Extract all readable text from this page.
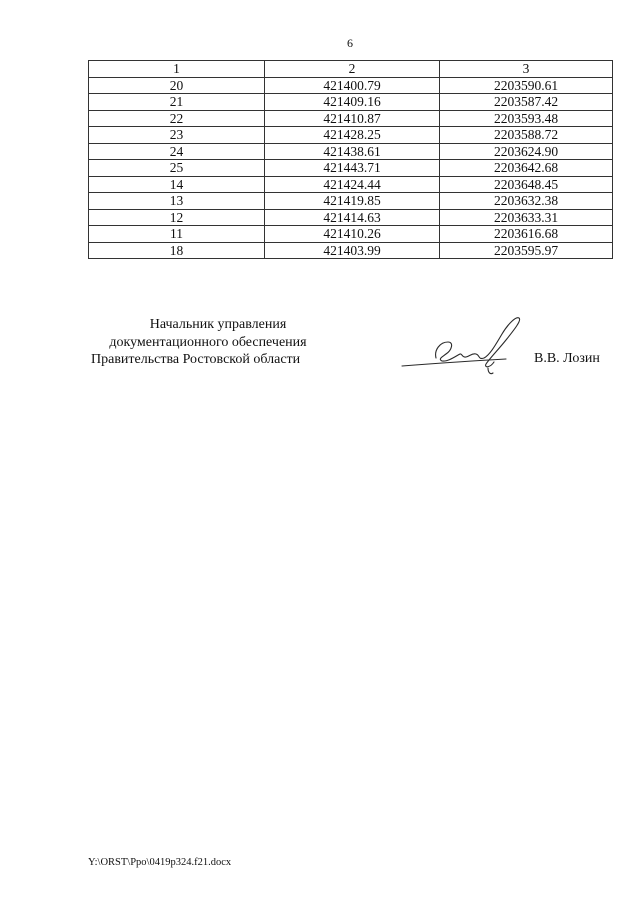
6
1	2	3
20	421400.79	2203590.61
21	421409.16	2203587.42
22	421410.87	2203593.48
23	421428.25	2203588.72
24	421438.61	2203624.90
25	421443.71	2203642.68
14	421424.44	2203648.45
13	421419.85	2203632.38
12	421414.63	2203633.31
11	421410.26	2203616.68
18	421403.99	2203595.97
Начальник управления
документационного обеспечения
Правительства Ростовской области	В.В. Лозин
Y:\ORST\Ppo\0419p324.f21.docx
